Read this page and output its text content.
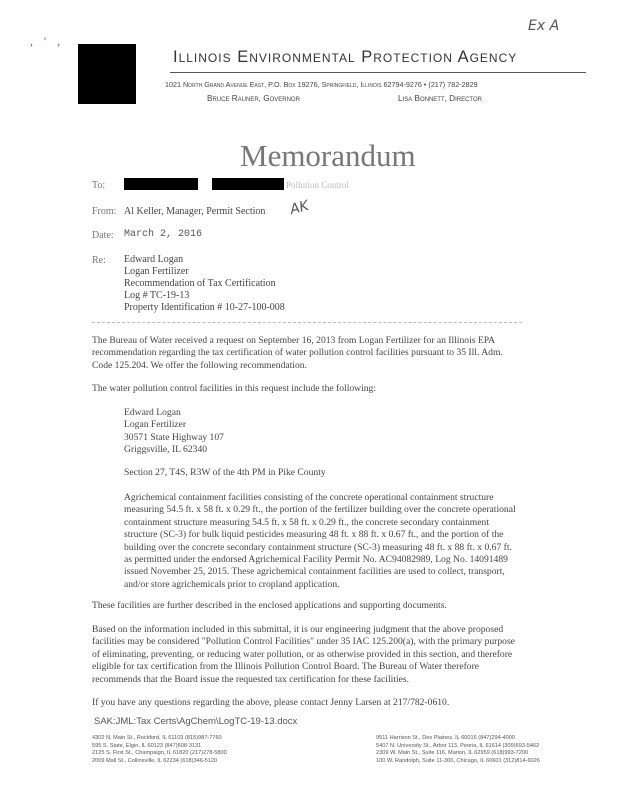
Ex A
, ' ,
Illinois Environmental Protection Agency
1021 North Grand Avenue East, P.O. Box 19276, Springfield, Illinois 62794-9276 • (217) 782-2829
Bruce Rauner, Governor	Lisa Bonnett, Director
Memorandum
To:	Pollution Control
From: Al Keller, Manager, Permit Section AK
Date: March 2, 2016
Re: Edward Logan
Logan Fertilizer
Recommendation of Tax Certification
Log # TC-19-13
Property Identification # 10-27-100-008
The Bureau of Water received a request on September 16, 2013 from Logan Fertilizer for an Illinois EPA
recommendation regarding the tax certification of water pollution control facilities pursuant to 35 Ill. Adm.
Code 125.204. We offer the following recommendation.
The water pollution control facilities in this request include the following:
Edward Logan
Logan Fertilizer
30571 State Highway 107
Griggsville, IL 62340
Section 27, T4S, R3W of the 4th PM in Pike County
Agrichemical containment facilities consisting of the concrete operational containment structure
measuring 54.5 ft. x 58 ft. x 0.29 ft., the portion of the fertilizer building over the concrete operational
containment structure measuring 54.5 ft. x 58 ft. x 0.29 ft., the concrete secondary containment
structure (SC-3) for bulk liquid pesticides measuring 48 ft. x 88 ft. x 0.67 ft., and the portion of the
building over the concrete secondary containment structure (SC-3) measuring 48 ft. x 88 ft. x 0.67 ft.
as permitted under the endorsed Agrichemical Facility Permit No. AC94082989, Log No. 14091489
issued November 25, 2015. These agrichemical containment facilities are used to collect, transport,
and/or store agrichemicals prior to cropland application.
These facilities are further described in the enclosed applications and supporting documents.
Based on the information included in this submittal, it is our engineering judgment that the above proposed
facilities may be considered "Pollution Control Facilities" under 35 IAC 125.200(a), with the primary purpose
of eliminating, preventing, or reducing water pollution, or as otherwise provided in this section, and therefore
eligible for tax certification from the Illinois Pollution Control Board. The Bureau of Water therefore
recommends that the Board issue the requested tax certification for these facilities.
If you have any questions regarding the above, please contact Jenny Larsen at 217/782-0610.
SAK:JML:Tax Certs\AgChem\LogTC-19-13.docx
4302 N. Main St., Rockford, IL 61103 (815)987-7760
595 S. State, Elgin, IL 60123 (847)608-3131
2125 S. First St., Champaign, IL 61820 (217)278-5800
2009 Mall St., Collinsville, IL 62234 (618)346-5120
9511 Harrison St., Des Plaines, IL 60016 (847)294-4000
5407 N. University St., Arbor 113, Peoria, IL 61614 (309)693-5462
2309 W. Main St., Suite 116, Marion, IL 62959 (618)993-7200
100 W. Randolph, Suite 11-300, Chicago, IL 60601 (312)814-6026
